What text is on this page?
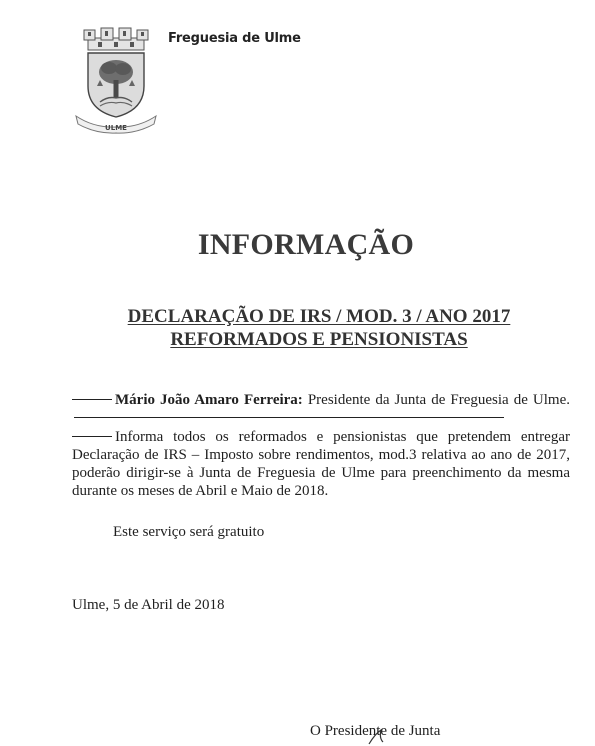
ULME
Freguesia de Ulme
INFORMAÇÃO
DECLARAÇÃO DE IRS / MOD. 3 / ANO 2017
REFORMADOS E PENSIONISTAS

Mário João Amaro Ferreira: Presidente da Junta de Freguesia de Ulme.

Informa todos os reformados e pensionistas que pretendem entregar Declaração de IRS – Imposto sobre rendimentos, mod.3 relativa ao ano de 2017, poderão dirigir-se à Junta de Freguesia de Ulme para preenchimento da mesma durante os meses de Abril e Maio de 2018.

Este serviço será gratuito

Ulme, 5 de Abril de 2018

O Presidente de Junta
